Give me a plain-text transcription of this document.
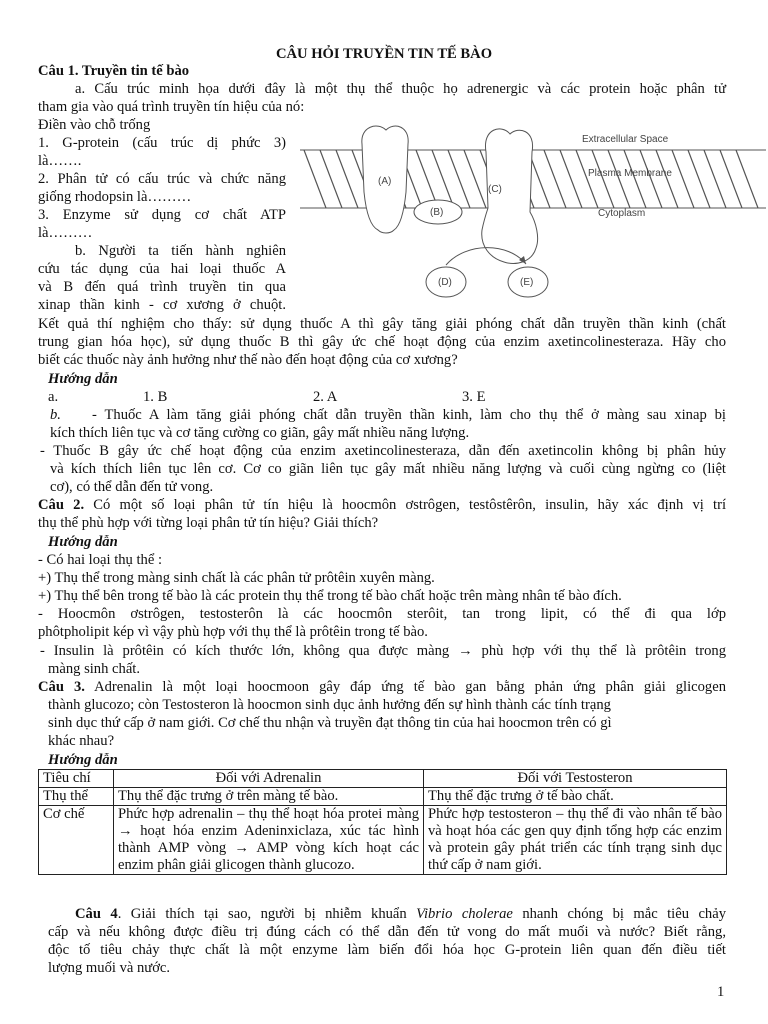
CÂU HỎI TRUYỀN TIN TẾ BÀO
Câu 1. Truyền tin tế bào
a. Cấu trúc minh họa dưới đây là một thụ thể thuộc họ adrenergic và các protein hoặc phân tử
tham gia vào quá trình truyền tín hiệu của nó:
Điền vào chỗ trống
1. G-protein (cấu trúc dị phức 3)
là…….
2. Phân tử có cấu trúc và chức năng
giống rhodopsin là………
3. Enzyme sử dụng cơ chất ATP
là………
b. Người ta tiến hành nghiên
cứu tác dụng của hai loại thuốc A
và B đến quá trình truyền tin qua
xinap thần kinh - cơ xương ở chuột.
Kết quả thí nghiệm cho thấy: sử dụng thuốc A thì gây tăng giải phóng chất dẫn truyền thần kinh (chất
trung gian hóa học), sử dụng thuốc B thì gây ức chế hoạt động của enzim axetincolinesteraza. Hãy cho
biết các thuốc này ảnh hưởng như thế nào đến hoạt động của cơ xương?
Hướng dẫn
a.	1. B	2. A	3. E
b. - Thuốc A làm tăng giải phóng chất dẫn truyền thần kinh, làm cho thụ thể ở màng sau xinap bị
kích thích liên tục và cơ tăng cường co giãn, gây mất nhiều năng lượng.
- Thuốc B gây ức chế hoạt động của enzim axetincolinesteraza, dẫn đến axetincolin không bị phân hủy
và kích thích liên tục lên cơ. Cơ co giãn liên tục gây mất nhiều năng lượng và cuối cùng ngừng co (liệt
cơ), có thể dẫn đến tử vong.
Extracellular Space
Plasma Membrane
Cytoplasm
(A)
(B)
(C)
(D)	(E)
Câu 2. Có một số loại phân tử tín hiệu là hoocmôn ơstrôgen, testôstêrôn, insulin, hãy xác định vị trí
thụ thể phù hợp với từng loại phân tử tín hiệu? Giải thích?
Hướng dẫn
- Có hai loại thụ thể :
+) Thụ thể trong màng sinh chất là các phân tử prôtêin xuyên màng.
+) Thụ thể bên trong tế bào là các protein thụ thể trong tế bào chất hoặc trên màng nhân tế bào đích.
- Hoocmôn ơstrôgen, testosterôn là các hoocmôn sterôit, tan trong lipit, có thể đi qua lớp
phôtpholipit kép vì vậy phù hợp với thụ thể là prôtêin trong tế bào.
- Insulin là prôtêin có kích thước lớn, không qua được màng → phù hợp với thụ thể là prôtêin trong
màng sinh chất.
Câu 3. Adrenalin là một loại hoocmoon gây đáp ứng tế bào gan bằng phản ứng phân giải glicogen
thành glucozo; còn Testosteron là hoocmon sinh dục ảnh hưởng đến sự hình thành các tính trạng
sinh dục thứ cấp ở nam giới. Cơ chế thu nhận và truyền đạt thông tin của hai hoocmon trên có gì
khác nhau?
Hướng dẫn
Tiêu chí	Đối với Adrenalin	Đối với Testosteron
Thụ thể	Thụ thể đặc trưng ở trên màng tế bào.	Thụ thể đặc trưng ở tế bào chất.
Cơ chế	Phức hợp adrenalin – thụ thể hoạt hóa protei màng → hoạt hóa enzim Adeninxiclaza, xúc tác hình thành AMP vòng → AMP vòng kích hoạt các enzim phân giải glicogen thành glucozo.	Phức hợp testosteron – thụ thể đi vào nhân tế bào và hoạt hóa các gen quy định tổng hợp các enzim và protein gây phát triển các tính trạng sinh dục thứ cấp ở nam giới.
Câu 4. Giải thích tại sao, người bị nhiễm khuẩn Vibrio cholerae nhanh chóng bị mắc tiêu chảy
cấp và nếu không được điều trị đúng cách có thể dẫn đến tử vong do mất muối và nước? Biết rằng,
độc tố tiêu chảy thực chất là một enzyme làm biến đổi hóa học G-protein liên quan đến điều tiết
lượng muối và nước.
1
